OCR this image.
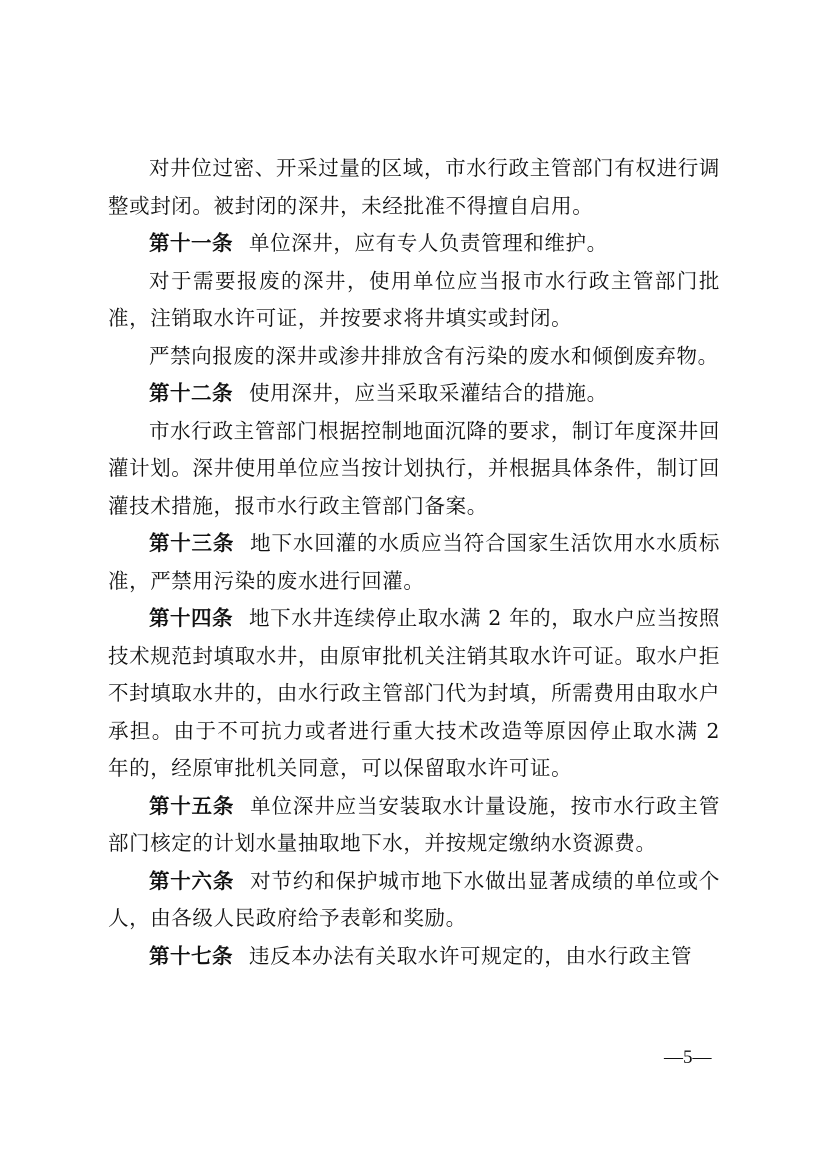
对井位过密、开采过量的区域，市水行政主管部门有权进行调整或封闭。被封闭的深井，未经批准不得擅自启用。

第十一条 单位深井，应有专人负责管理和维护。

对于需要报废的深井，使用单位应当报市水行政主管部门批准，注销取水许可证，并按要求将井填实或封闭。

严禁向报废的深井或渗井排放含有污染的废水和倾倒废弃物。

第十二条 使用深井，应当采取采灌结合的措施。

市水行政主管部门根据控制地面沉降的要求，制订年度深井回灌计划。深井使用单位应当按计划执行，并根据具体条件，制订回灌技术措施，报市水行政主管部门备案。

第十三条 地下水回灌的水质应当符合国家生活饮用水水质标准，严禁用污染的废水进行回灌。

第十四条 地下水井连续停止取水满 2 年的，取水户应当按照技术规范封填取水井，由原审批机关注销其取水许可证。取水户拒不封填取水井的，由水行政主管部门代为封填，所需费用由取水户承担。由于不可抗力或者进行重大技术改造等原因停止取水满 2 年的，经原审批机关同意，可以保留取水许可证。

第十五条 单位深井应当安装取水计量设施，按市水行政主管部门核定的计划水量抽取地下水，并按规定缴纳水资源费。

第十六条 对节约和保护城市地下水做出显著成绩的单位或个人，由各级人民政府给予表彰和奖励。

第十七条 违反本办法有关取水许可规定的，由水行政主管

—5—
